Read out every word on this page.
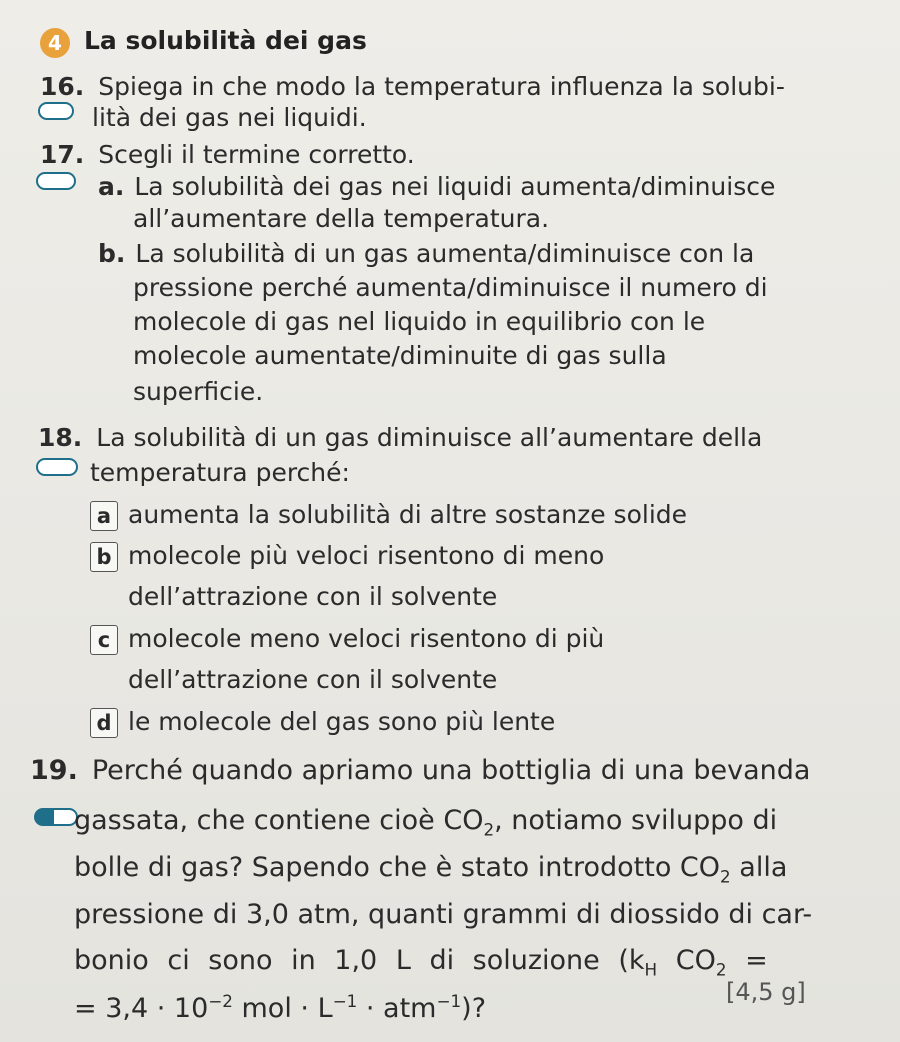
4 La solubilità dei gas
16. Spiega in che modo la temperatura influenza la solubi-
lità dei gas nei liquidi.
17. Scegli il termine corretto.
a. La solubilità dei gas nei liquidi aumenta/diminuisce
all’aumentare della temperatura.
b. La solubilità di un gas aumenta/diminuisce con la
pressione perché aumenta/diminuisce il numero di
molecole di gas nel liquido in equilibrio con le
molecole aumentate/diminuite di gas sulla
superficie.
18. La solubilità di un gas diminuisce all’aumentare della
temperatura perché:
a aumenta la solubilità di altre sostanze solide
b molecole più veloci risentono di meno
dell’attrazione con il solvente
c molecole meno veloci risentono di più
dell’attrazione con il solvente
d le molecole del gas sono più lente
19. Perché quando apriamo una bottiglia di una bevanda
gassata, che contiene cioè $CO_2$, notiamo sviluppo di
bolle di gas? Sapendo che è stato introdotto $CO_2$ alla
pressione di 3,0 atm, quanti grammi di diossido di car-
bonio ci sono in 1,0 L di soluzione ($k_H$ $CO_2$ =
= $3,4 \cdot 10^{-2}$ mol · $L^{-1} \cdot atm^{-1}$)?
[4,5 g]
